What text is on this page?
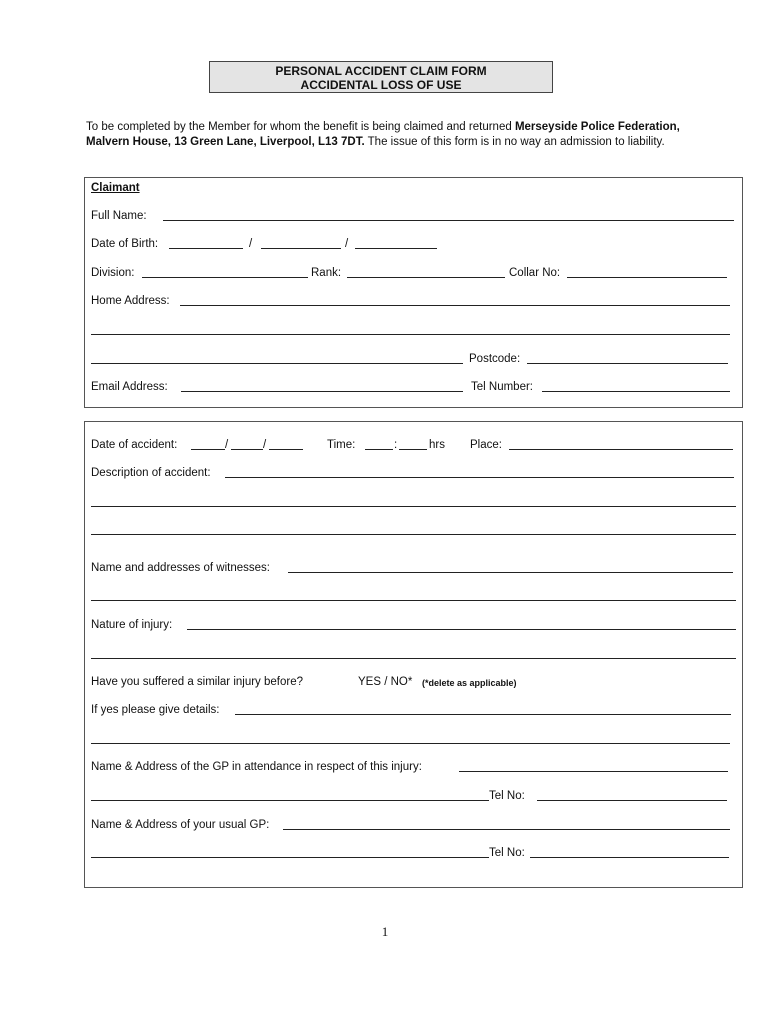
PERSONAL ACCIDENT CLAIM FORM
ACCIDENTAL LOSS OF USE
To be completed by the Member for whom the benefit is being claimed and returned Merseyside Police Federation, Malvern House, 13 Green Lane, Liverpool, L13 7DT. The issue of this form is in no way an admission to liability.
Claimant
Full Name:
Date of Birth:	/	/
Division:	Rank:	Collar No:
Home Address:
Postcode:
Email Address:	Tel Number:
Date of accident:	/	/	Time:	:	hrs Place:
Description of accident:
Name and addresses of witnesses:
Nature of injury:
Have you suffered a similar injury before?	YES / NO* (*delete as applicable)
If yes please give details:
Name & Address of the GP in attendance in respect of this injury:
Tel No:
Name & Address of your usual GP:
Tel No:
1
